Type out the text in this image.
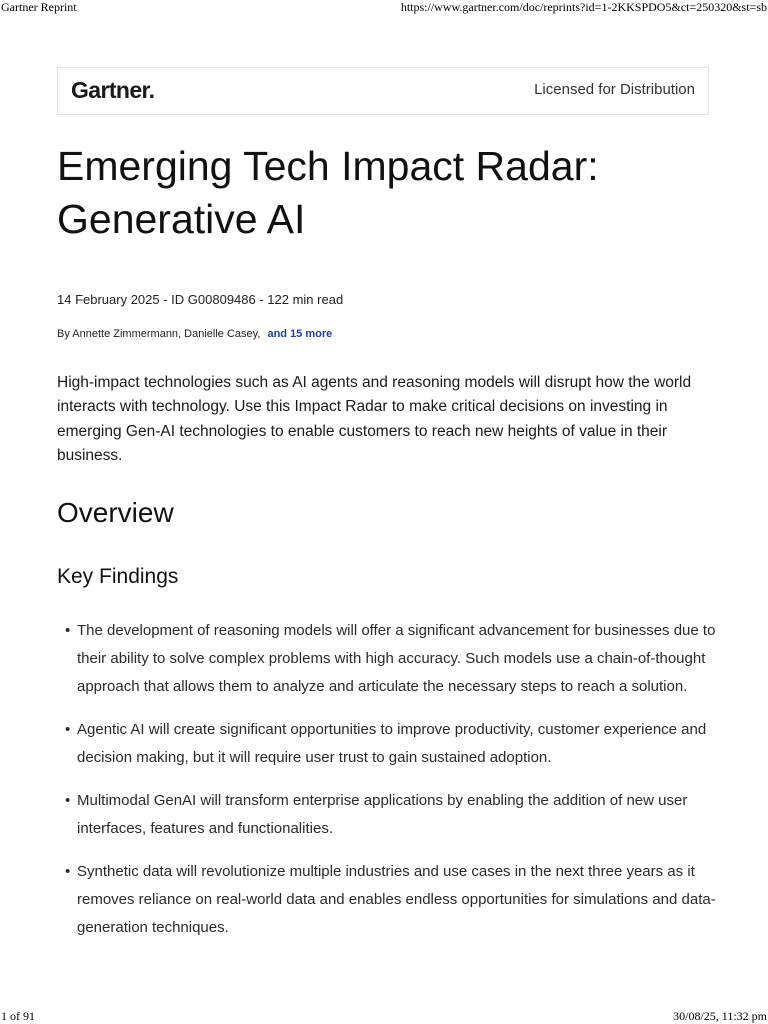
Gartner Reprint	https://www.gartner.com/doc/reprints?id=1-2KKSPDO5&ct=250320&st=sb
Gartner.	Licensed for Distribution
Emerging Tech Impact Radar: Generative AI
14 February 2025 - ID G00809486 - 122 min read
By Annette Zimmermann, Danielle Casey, and 15 more

High-impact technologies such as AI agents and reasoning models will disrupt how the world interacts with technology. Use this Impact Radar to make critical decisions on investing in emerging Gen-AI technologies to enable customers to reach new heights of value in their business.

Overview
Key Findings
• The development of reasoning models will offer a significant advancement for businesses due to their ability to solve complex problems with high accuracy. Such models use a chain-of-thought approach that allows them to analyze and articulate the necessary steps to reach a solution.
• Agentic AI will create significant opportunities to improve productivity, customer experience and decision making, but it will require user trust to gain sustained adoption.
• Multimodal GenAI will transform enterprise applications by enabling the addition of new user interfaces, features and functionalities.
• Synthetic data will revolutionize multiple industries and use cases in the next three years as it removes reliance on real-world data and enables endless opportunities for simulations and data-generation techniques.
1 of 91	30/08/25, 11:32 pm
